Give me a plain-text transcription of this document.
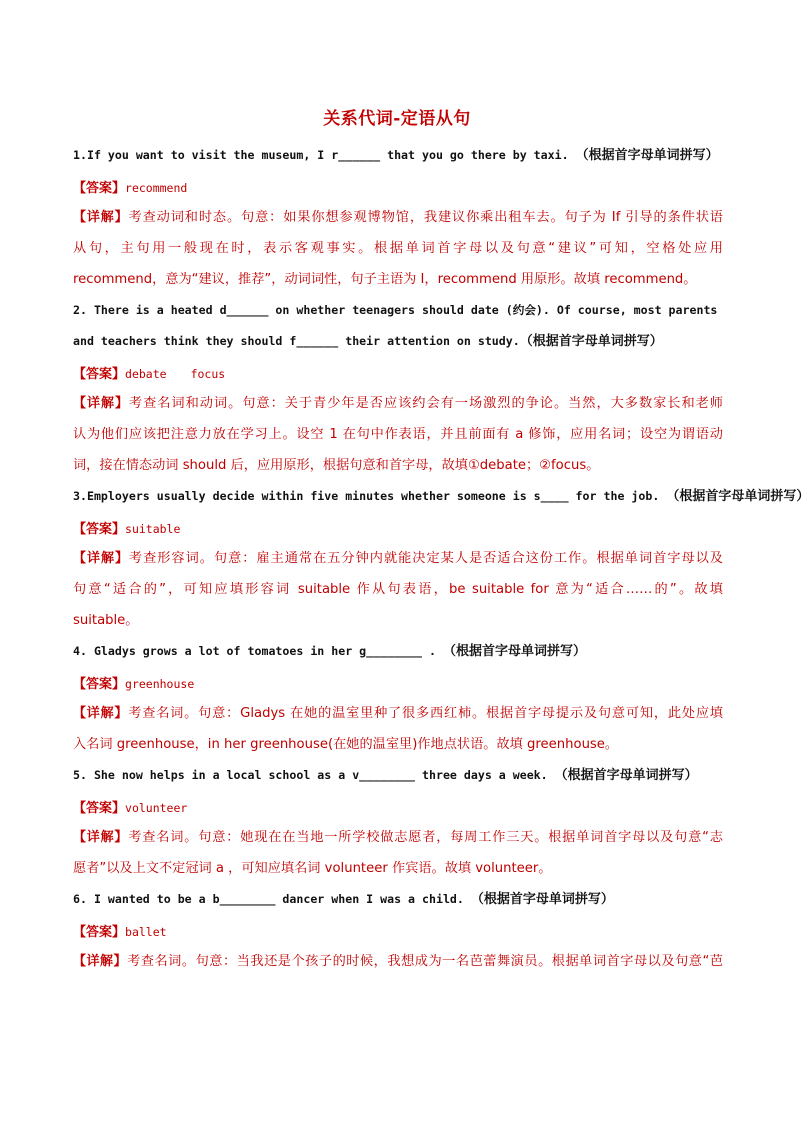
关系代词-定语从句
1.If you want to visit the museum, I r______ that you go there by taxi. （根据首字母单词拼写）
【答案】recommend
【详解】考查动词和时态。句意：如果你想参观博物馆，我建议你乘出租车去。句子为 If 引导的条件状语
从句，主句用一般现在时，表示客观事实。根据单词首字母以及句意“建议”可知，空格处应用
recommend，意为“建议，推荐”，动词词性，句子主语为 I，recommend 用原形。故填 recommend。
2. There is a heated d______ on whether teenagers should date (约会). Of course, most parents
and teachers think they should f______ their attention on study.（根据首字母单词拼写）
【答案】debate focus
【详解】考查名词和动词。句意：关于青少年是否应该约会有一场激烈的争论。当然，大多数家长和老师
认为他们应该把注意力放在学习上。设空 1 在句中作表语，并且前面有 a 修饰，应用名词；设空为谓语动
词，接在情态动词 should 后，应用原形，根据句意和首字母，故填①debate；②focus。
3.Employers usually decide within five minutes whether someone is s____ for the job. （根据首字母单词拼写）
【答案】suitable
【详解】考查形容词。句意：雇主通常在五分钟内就能决定某人是否适合这份工作。根据单词首字母以及
句意“适合的”，可知应填形容词 suitable 作从句表语，be suitable for 意为“适合……的”。故填
suitable。
4. Gladys grows a lot of tomatoes in her g________ . （根据首字母单词拼写）
【答案】greenhouse
【详解】考查名词。句意：Gladys 在她的温室里种了很多西红柿。根据首字母提示及句意可知，此处应填
入名词 greenhouse，in her greenhouse(在她的温室里)作地点状语。故填 greenhouse。
5. She now helps in a local school as a v________ three days a week. （根据首字母单词拼写）
【答案】volunteer
【详解】考查名词。句意：她现在在当地一所学校做志愿者，每周工作三天。根据单词首字母以及句意“志
愿者”以及上文不定冠词 a ，可知应填名词 volunteer 作宾语。故填 volunteer。
6. I wanted to be a b________ dancer when I was a child. （根据首字母单词拼写）
【答案】ballet
【详解】考查名词。句意：当我还是个孩子的时候，我想成为一名芭蕾舞演员。根据单词首字母以及句意“芭
